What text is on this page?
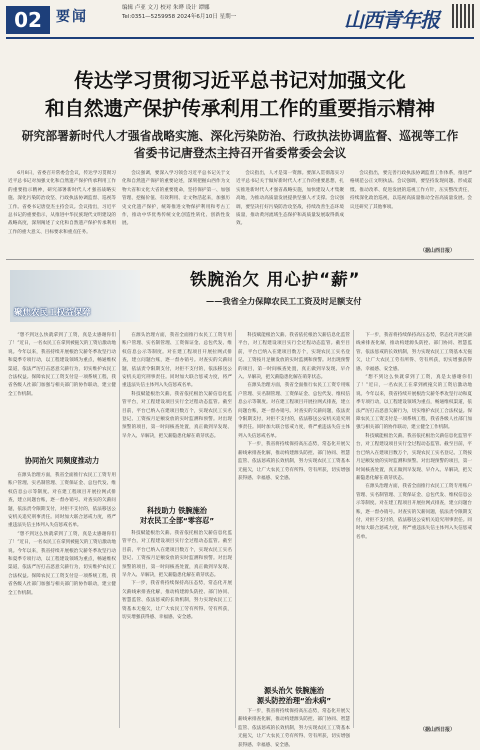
02	要闻
编辑 卢亚 文刀 校对 朱晔 设计 谭娜
Tel:0351—5259958 2024年6月10日 星期一	山西青年报
传达学习贯彻习近平总书记对加强文化
和自然遗产保护传承利用工作的重要指示精神
研究部署新时代人才强省战略实施、深化污染防治、行政执法协调监督、巡视等工作
省委书记唐登杰主持召开省委常委会会议

6月8日，省委召开常委会会议，传达学习贯彻习近平总书记对加强文化和自然遗产保护传承利用工作的重要指示精神，研究部署新时代人才强省战略实施、深化污染防治攻坚、行政执法协调监督、巡视等工作。省委书记唐登杰主持会议。会议指出，习近平总书记的重要指示，从推进中华民族现代文明建设的战略高度，深刻阐述了文化和自然遗产保护传承利用工作的重大意义、目标要求和重点任务。

会议强调，要深入学习领会习近平总书记关于文化和自然遗产保护的重要论述，深刻把握山西作为文物大省和文化大省的重要使命，坚持保护第一、加强管理、挖掘价值、有效利用、让文物活起来，加强历史文化遗产保护，统筹推进文物保护利用和考古工作，推动中华优秀传统文化创造性转化、创新性发展。

会议指出，人才是第一资源。要深入贯彻落实习近平总书记关于做好新时代人才工作的重要思想，扎实推进新时代人才强省战略实施，加快建设人才集聚高地，为推动高质量发展提供坚强人才支撑。会议强调，要坚决打好污染防治攻坚战，持续改善生态环境质量，推动黄河流域生态保护和高质量发展取得新成效。

会议指出，要完善行政执法协调监督工作体系，推进严格规范公正文明执法。会议强调，要坚持发现问题、形成震慑、推动改革、促进发展的巡视工作方针，压实整改责任，持续深化政治巡视，以巡视高质量推动全省高质量发展。会议还研究了其他事项。

（据山西日报）
聚焦农民工权益保障
铁腕治欠 用心护“薪”
——我省全力保障农民工工资及时足额支付

“想不到这么快就拿到了工资，真是太感谢你们了！”近日，一名农民工在拿到被拖欠的工资后激动地说。今年以来，我省持续开展根治欠薪冬季攻坚行动和夏季专项行动，以工程建设领域为重点，畅通维权渠道，依法严厉打击恶意欠薪行为，切实维护农民工合法权益。保障农民工工资支付是一项系统工程，我省各级人社部门加强与相关部门的协作联动，建立健全工作机制。

协同治欠 同频度推动力

在源头治理方面，我省全面推行农民工工资专用账户管理、实名制管理、工资保证金、总包代发、维权信息公示等制度。对在建工程项目开展拉网式排查，建立问题台账，逐一督办销号。对查实的欠薪问题，依法责令限期支付，对拒不支付的，依法移送公安机关追究刑事责任。同时加大联合惩戒力度，将严重违法失信主体列入失信惩戒名单。

“想不到这么快就拿到了工资，真是太感谢你们了！”近日，一名农民工在拿到被拖欠的工资后激动地说。今年以来，我省持续开展根治欠薪冬季攻坚行动和夏季专项行动，以工程建设领域为重点，畅通维权渠道，依法严厉打击恶意欠薪行为，切实维护农民工合法权益。保障农民工工资支付是一项系统工程，我省各级人社部门加强与相关部门的协作联动，建立健全工作机制。

在源头治理方面，我省全面推行农民工工资专用账户管理、实名制管理、工资保证金、总包代发、维权信息公示等制度。对在建工程项目开展拉网式排查，建立问题台账，逐一督办销号。对查实的欠薪问题，依法责令限期支付，对拒不支付的，依法移送公安机关追究刑事责任。同时加大联合惩戒力度，将严重违法失信主体列入失信惩戒名单。

科技赋能根治欠薪。我省依托根治欠薪信息化监管平台，对工程建设项目实行全过程动态监管。截至目前，平台已纳入在建项目数万个，实现农民工实名登记、工资按月足额发放的实时监测和预警。对出现预警的项目，第一时间核查处置，真正做到早发现、早介入、早解决，把欠薪隐患化解在萌芽状态。

科技助力 铁腕施治
对农民工全部“零容忍”

科技赋能根治欠薪。我省依托根治欠薪信息化监管平台，对工程建设项目实行全过程动态监管。截至目前，平台已纳入在建项目数万个，实现农民工实名登记、工资按月足额发放的实时监测和预警。对出现预警的项目，第一时间核查处置，真正做到早发现、早介入、早解决，把欠薪隐患化解在萌芽状态。

下一步，我省将持续保持高压态势，常态化开展欠薪线索排查化解，推动构建源头防控、部门协同、智慧监管、依法惩戒的长效机制，努力实现农民工工资基本无拖欠，让广大农民工劳有所得、劳有所获，切实增强获得感、幸福感、安全感。

科技赋能根治欠薪。我省依托根治欠薪信息化监管平台，对工程建设项目实行全过程动态监管。截至目前，平台已纳入在建项目数万个，实现农民工实名登记、工资按月足额发放的实时监测和预警。对出现预警的项目，第一时间核查处置，真正做到早发现、早介入、早解决，把欠薪隐患化解在萌芽状态。

在源头治理方面，我省全面推行农民工工资专用账户管理、实名制管理、工资保证金、总包代发、维权信息公示等制度。对在建工程项目开展拉网式排查，建立问题台账，逐一督办销号。对查实的欠薪问题，依法责令限期支付，对拒不支付的，依法移送公安机关追究刑事责任。同时加大联合惩戒力度，将严重违法失信主体列入失信惩戒名单。

下一步，我省将持续保持高压态势，常态化开展欠薪线索排查化解，推动构建源头防控、部门协同、智慧监管、依法惩戒的长效机制，努力实现农民工工资基本无拖欠，让广大农民工劳有所得、劳有所获，切实增强获得感、幸福感、安全感。

源头治欠 铁腕施治
源头防控治理“治未病”

下一步，我省将持续保持高压态势，常态化开展欠薪线索排查化解，推动构建源头防控、部门协同、智慧监管、依法惩戒的长效机制，努力实现农民工工资基本无拖欠，让广大农民工劳有所得、劳有所获，切实增强获得感、幸福感、安全感。

下一步，我省将持续保持高压态势，常态化开展欠薪线索排查化解，推动构建源头防控、部门协同、智慧监管、依法惩戒的长效机制，努力实现农民工工资基本无拖欠，让广大农民工劳有所得、劳有所获，切实增强获得感、幸福感、安全感。

“想不到这么快就拿到了工资，真是太感谢你们了！”近日，一名农民工在拿到被拖欠的工资后激动地说。今年以来，我省持续开展根治欠薪冬季攻坚行动和夏季专项行动，以工程建设领域为重点，畅通维权渠道，依法严厉打击恶意欠薪行为，切实维护农民工合法权益。保障农民工工资支付是一项系统工程，我省各级人社部门加强与相关部门的协作联动，建立健全工作机制。

科技赋能根治欠薪。我省依托根治欠薪信息化监管平台，对工程建设项目实行全过程动态监管。截至目前，平台已纳入在建项目数万个，实现农民工实名登记、工资按月足额发放的实时监测和预警。对出现预警的项目，第一时间核查处置，真正做到早发现、早介入、早解决，把欠薪隐患化解在萌芽状态。

在源头治理方面，我省全面推行农民工工资专用账户管理、实名制管理、工资保证金、总包代发、维权信息公示等制度。对在建工程项目开展拉网式排查，建立问题台账，逐一督办销号。对查实的欠薪问题，依法责令限期支付，对拒不支付的，依法移送公安机关追究刑事责任。同时加大联合惩戒力度，将严重违法失信主体列入失信惩戒名单。

（据山西日报）
